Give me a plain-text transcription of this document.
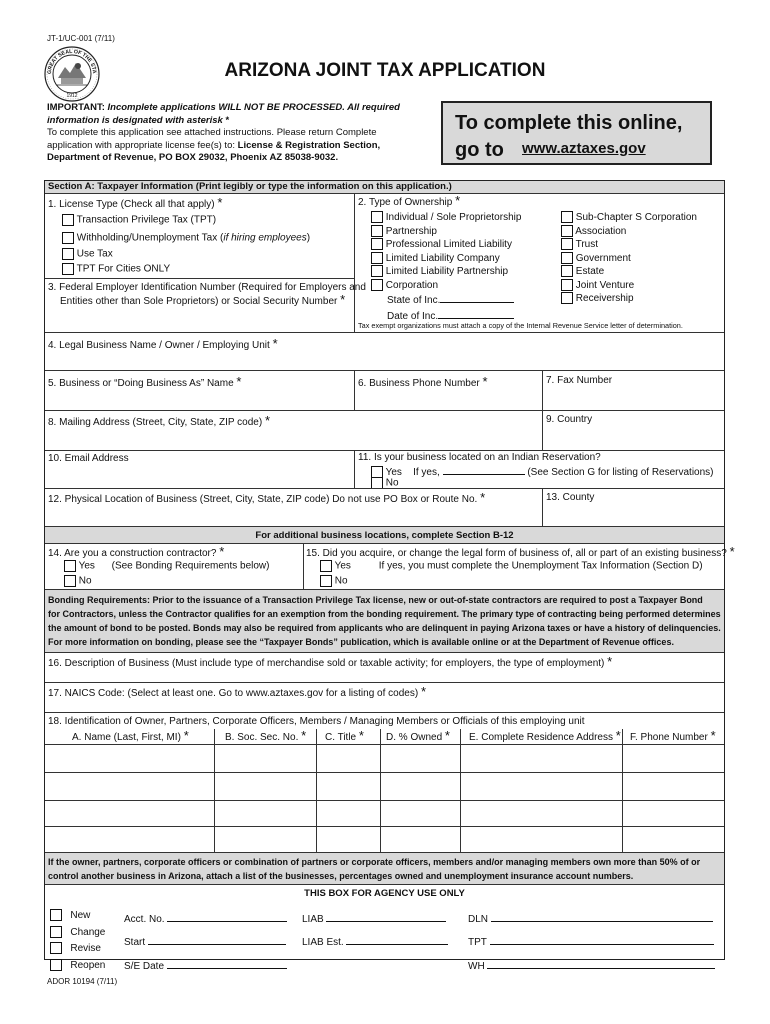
JT-1/UC-001 (7/11)
GREAT SEAL OF THE STA
1912
ARIZONA JOINT TAX APPLICATION
IMPORTANT: Incomplete applications WILL NOT BE PROCESSED. All required
information is designated with asterisk *
To complete this application see attached instructions. Please return Complete
application with appropriate license fee(s) to: License & Registration Section,
Department of Revenue, PO BOX 29032, Phoenix AZ 85038-9032.
To complete this online,
go to www.aztaxes.gov
Section A: Taxpayer Information (Print legibly or type the information on this application.)
1. License Type (Check all that apply) *
Transaction Privilege Tax (TPT)
Withholding/Unemployment Tax (if hiring employees)
Use Tax
TPT For Cities ONLY
3. Federal Employer Identification Number (Required for Employers and
Entities other than Sole Proprietors) or Social Security Number *
2. Type of Ownership *
Individual / Sole Proprietorship
Partnership
Professional Limited Liability
Limited Liability Company
Limited Liability Partnership
Corporation
State of Inc.
Date of Inc.
Sub-Chapter S Corporation
Association
Trust
Government
Estate
Joint Venture
Receivership
Tax exempt organizations must attach a copy of the Internal Revenue Service letter of determination.
4. Legal Business Name / Owner / Employing Unit *
5. Business or “Doing Business As” Name *	6. Business Phone Number *	7. Fax Number
8. Mailing Address (Street, City, State, ZIP code) *	9. Country
10. Email Address	11. Is your business located on an Indian Reservation?
Yes If yes,	(See Section G for listing of Reservations)
No
12. Physical Location of Business (Street, City, State, ZIP code) Do not use PO Box or Route No. *	13. County
For additional business locations, complete Section B-12
14. Are you a construction contractor? *
Yes (See Bonding Requirements below)
No
15. Did you acquire, or change the legal form of business of, all or part of an existing business? *
Yes	If yes, you must complete the Unemployment Tax Information (Section D)
No
Bonding Requirements: Prior to the issuance of a Transaction Privilege Tax license, new or out-of-state contractors are required to post a Taxpayer Bond
for Contractors, unless the Contractor qualifies for an exemption from the bonding requirement. The primary type of contracting being performed determines
the amount of bond to be posted. Bonds may also be required from applicants who are delinquent in paying Arizona taxes or have a history of delinquencies.
For more information on bonding, please see the “Taxpayer Bonds” publication, which is available online or at the Department of Revenue offices.
16. Description of Business (Must include type of merchandise sold or taxable activity; for employers, the type of employment) *
17. NAICS Code: (Select at least one. Go to www.aztaxes.gov for a listing of codes) *
18. Identification of Owner, Partners, Corporate Officers, Members / Managing Members or Officials of this employing unit
A. Name (Last, First, MI) *	B. Soc. Sec. No. * C. Title * D. % Owned * E. Complete Residence Address * F. Phone Number *
If the owner, partners, corporate officers or combination of partners or corporate officers, members and/or managing members own more than 50% of or
control another business in Arizona, attach a list of the businesses, percentages owned and unemployment insurance account numbers.
THIS BOX FOR AGENCY USE ONLY
New
Change
Revise
Reopen
Acct. No.
Start
S/E Date
LIAB
LIAB Est.
DLN
TPT
WH
ADOR 10194 (7/11)
